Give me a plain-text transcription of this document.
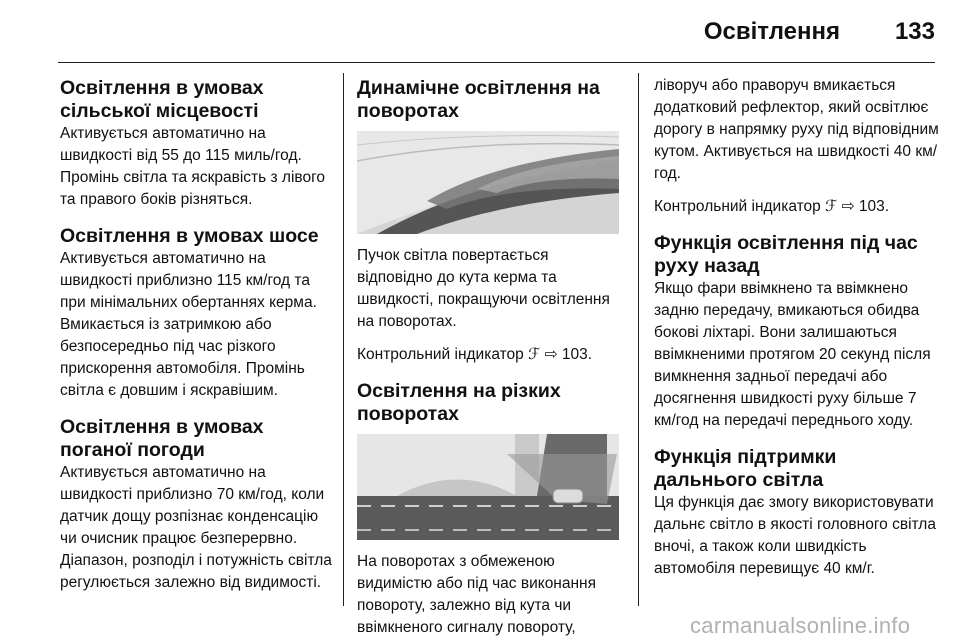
Освітлення	133
Освітлення в умовах сільської місцевості

Активується автоматично на швидкості від 55 до 115 миль/год. Промінь світла та яскравість з лівого та правого боків різняться.

Освітлення в умовах шосе

Активується автоматично на швидкості приблизно 115 км/год та при мінімальних обертаннях керма. Вмикається із затримкою або безпосередньо під час різкого прискорення автомобіля. Промінь світла є довшим і яскравішим.

Освітлення в умовах поганої погоди

Активується автоматично на швидкості приблизно 70 км/год, коли датчик дощу розпізнає конденсацію чи очисник працює безперервно. Діапазон, розподіл і потужність світла регулюється залежно від видимості.

Динамічне освітлення на поворотах

Пучок світла повертається відповідно до кута керма та швидкості, покращуючи освітлення на поворотах.

Контрольний індикатор ℱ ⇨ 103.

Освітлення на різких поворотах

На поворотах з обмеженою видимістю або під час виконання повороту, залежно від кута чи ввімкненого сигналу повороту,

ліворуч або праворуч вмикається додатковий рефлектор, який освітлює дорогу в напрямку руху під відповідним кутом. Активується на швидкості 40 км/год.

Контрольний індикатор ℱ ⇨ 103.

Функція освітлення під час руху назад

Якщо фари ввімкнено та ввімкнено задню передачу, вмикаються обидва бокові ліхтарі. Вони залишаються ввімкненими протягом 20 секунд після вимкнення задньої передачі або досягнення швидкості руху більше 7 км/год на передачі переднього ходу.

Функція підтримки дальнього світла

Ця функція дає змогу використовувати дальнє світло в якості головного світла вночі, а також коли швидкість автомобіля перевищує 40 км/г.

carmanualsonline.info
